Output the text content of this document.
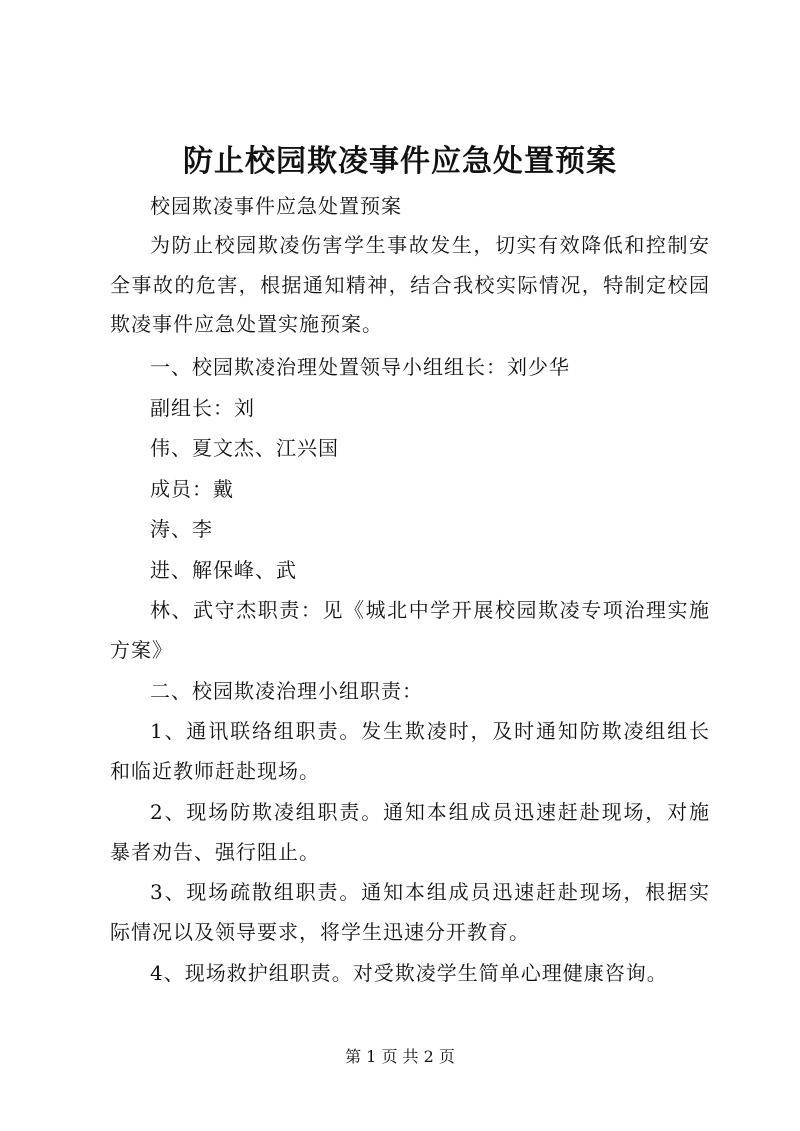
防止校园欺凌事件应急处置预案
校园欺凌事件应急处置预案
为防止校园欺凌伤害学生事故发生，切实有效降低和控制安
全事故的危害，根据通知精神，结合我校实际情况，特制定校园
欺凌事件应急处置实施预案。
一、校园欺凌治理处置领导小组组长：刘少华
副组长：刘
伟、夏文杰、江兴国
成员：戴
涛、李
进、解保峰、武
林、武守杰职责：见《城北中学开展校园欺凌专项治理实施
方案》
二、校园欺凌治理小组职责：
1、通讯联络组职责。发生欺凌时，及时通知防欺凌组组长
和临近教师赶赴现场。
2、现场防欺凌组职责。通知本组成员迅速赶赴现场，对施
暴者劝告、强行阻止。
3、现场疏散组职责。通知本组成员迅速赶赴现场，根据实
际情况以及领导要求，将学生迅速分开教育。
4、现场救护组职责。对受欺凌学生简单心理健康咨询。
第 1 页 共 2 页
